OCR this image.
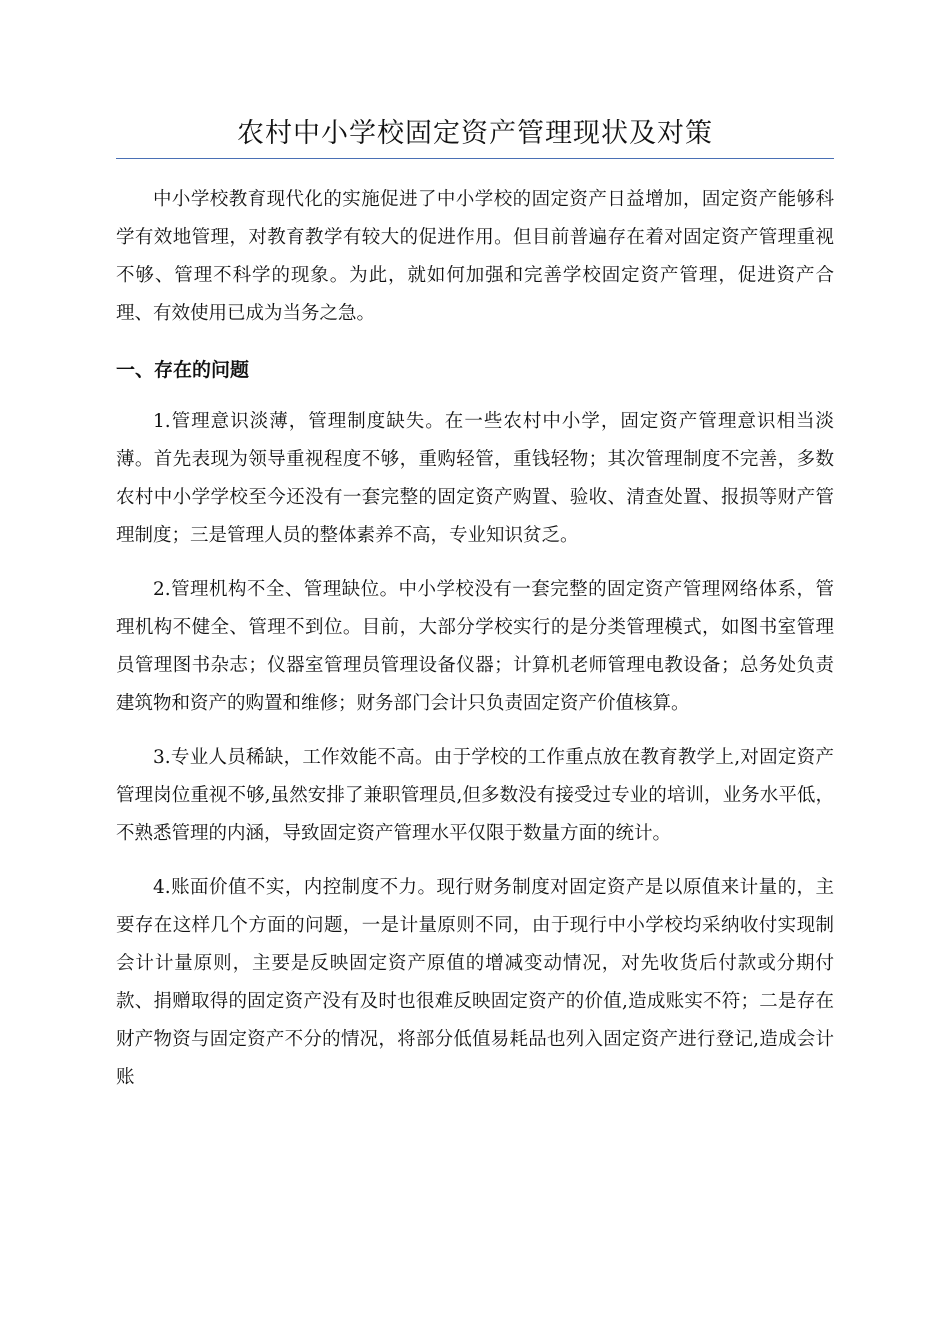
农村中小学校固定资产管理现状及对策

中小学校教育现代化的实施促进了中小学校的固定资产日益增加，固定资产能够科学有效地管理，对教育教学有较大的促进作用。但目前普遍存在着对固定资产管理重视不够、管理不科学的现象。为此，就如何加强和完善学校固定资产管理，促进资产合理、有效使用已成为当务之急。

一、存在的问题

1.管理意识淡薄，管理制度缺失。在一些农村中小学，固定资产管理意识相当淡薄。首先表现为领导重视程度不够，重购轻管，重钱轻物；其次管理制度不完善，多数农村中小学学校至今还没有一套完整的固定资产购置、验收、清查处置、报损等财产管理制度；三是管理人员的整体素养不高，专业知识贫乏。

2.管理机构不全、管理缺位。中小学校没有一套完整的固定资产管理网络体系，管理机构不健全、管理不到位。目前，大部分学校实行的是分类管理模式，如图书室管理员管理图书杂志；仪器室管理员管理设备仪器；计算机老师管理电教设备；总务处负责建筑物和资产的购置和维修；财务部门会计只负责固定资产价值核算。

3.专业人员稀缺，工作效能不高。由于学校的工作重点放在教育教学上,对固定资产管理岗位重视不够,虽然安排了兼职管理员,但多数没有接受过专业的培训，业务水平低，不熟悉管理的内涵，导致固定资产管理水平仅限于数量方面的统计。

4.账面价值不实，内控制度不力。现行财务制度对固定资产是以原值来计量的，主要存在这样几个方面的问题，一是计量原则不同，由于现行中小学校均采纳收付实现制会计计量原则，主要是反映固定资产原值的增减变动情况，对先收货后付款或分期付款、捐赠取得的固定资产没有及时也很难反映固定资产的价值,造成账实不符；二是存在财产物资与固定资产不分的情况，将部分低值易耗品也列入固定资产进行登记,造成会计账
